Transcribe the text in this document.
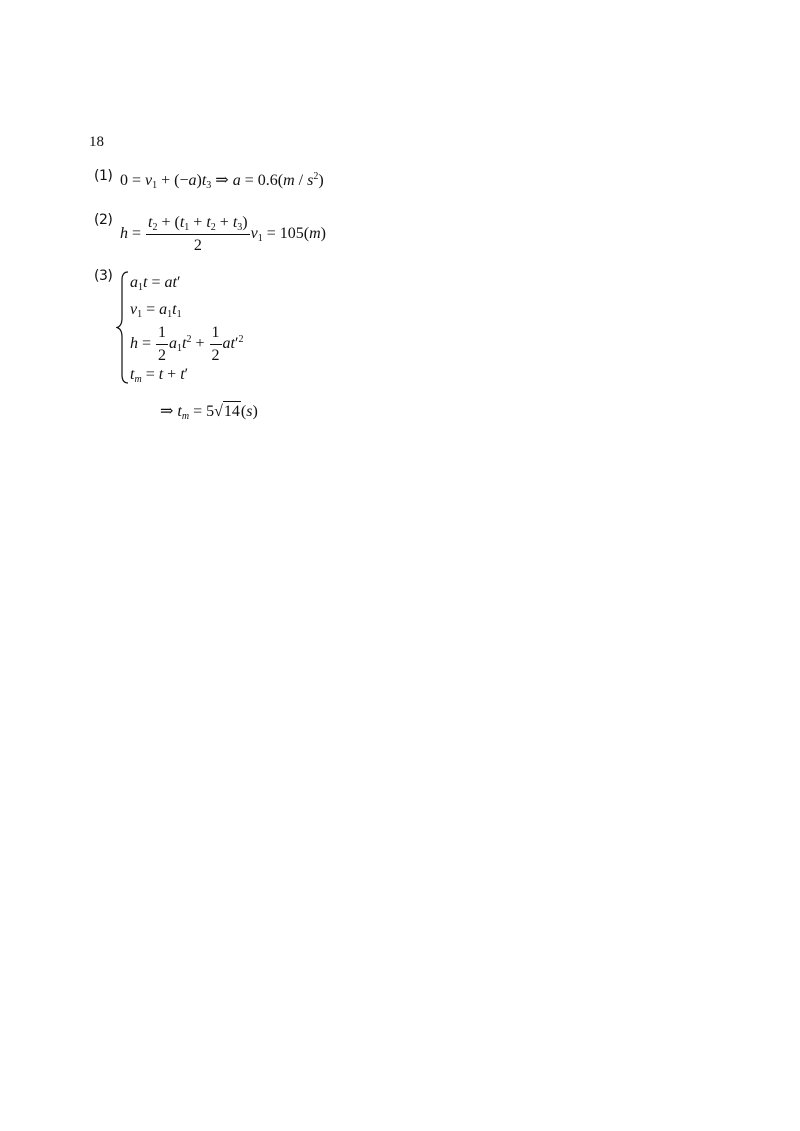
18
(1) $0 = v_1 + (-a)t_3$ ⇒ $a = 0.6(m / s^2)$
(2)
$h = \frac{t_2 + (t_1 + t_2 + t_3)}{2} v_1 = 105(m)$
(3) $a_1t = at'$
$v_1 = a_1t_1$
$h = \frac{1}{2} a_1t^2 + \frac{1}{2} at'^2$
$t_m = t + t'$
⇒ $t_m = 5√14(s)$
